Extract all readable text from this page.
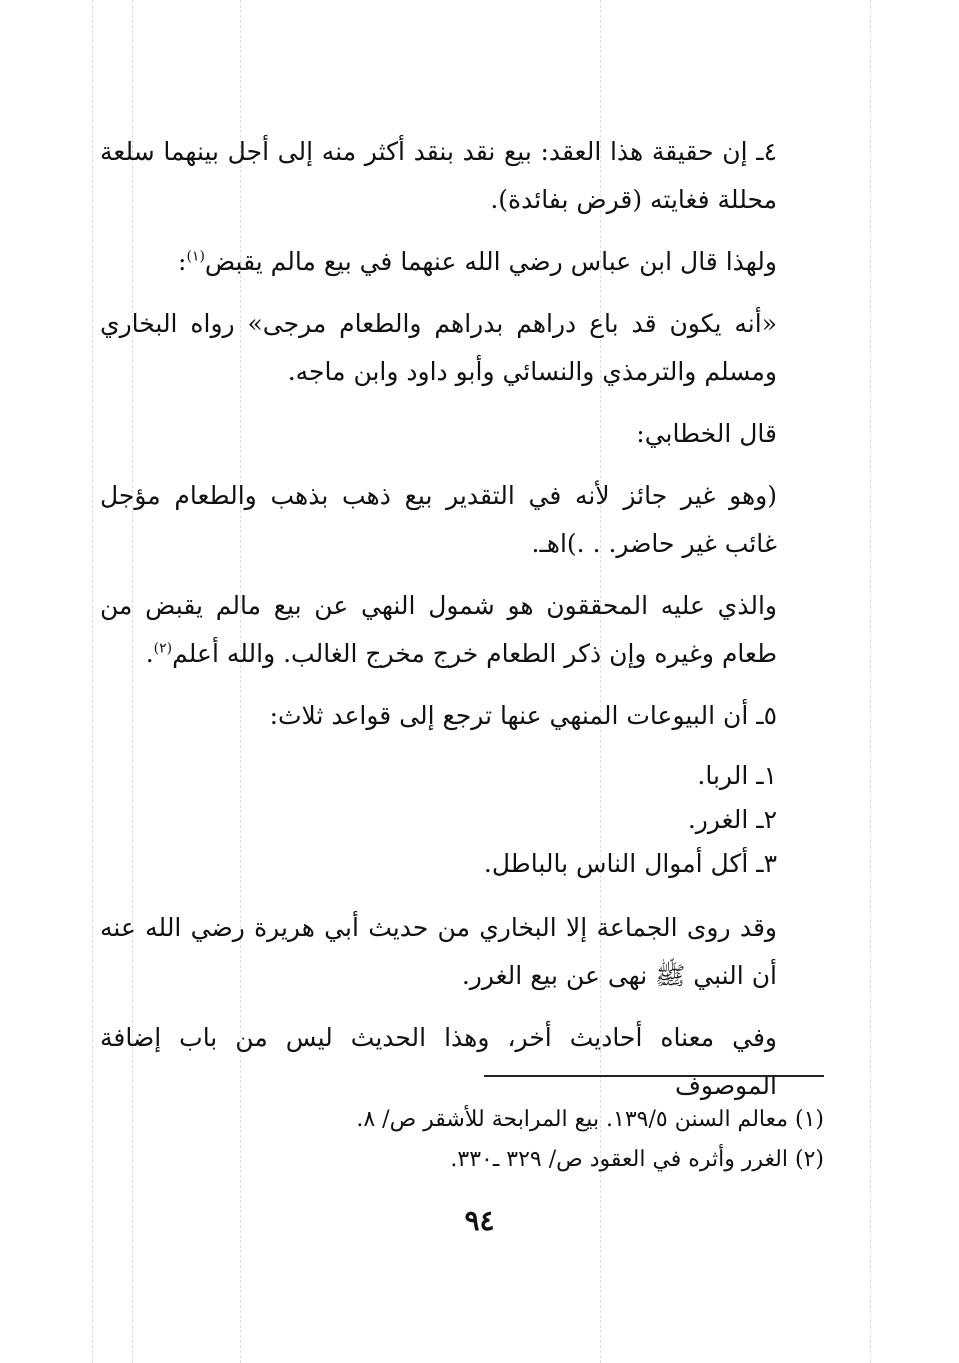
٤ـ إن حقيقة هذا العقد: بيع نقد بنقد أكثر منه إلى أجل بينهما سلعة محللة فغايته (قرض بفائدة).

ولهذا قال ابن عباس رضي الله عنهما في بيع مالم يقبض$^{(١)}$:

«أنه يكون قد باع دراهم بدراهم والطعام مرجى» رواه البخاري ومسلم والترمذي والنسائي وأبو داود وابن ماجه.

قال الخطابي:

(وهو غير جائز لأنه في التقدير بيع ذهب بذهب والطعام مؤجل غائب غير حاضر. . .)اهـ.

والذي عليه المحققون هو شمول النهي عن بيع مالم يقبض من طعام وغيره وإن ذكر الطعام خرج مخرج الغالب. والله أعلم$^{(٢)}$.

٥ـ أن البيوعات المنهي عنها ترجع إلى قواعد ثلاث:

١ـ الربا.

٢ـ الغرر.

٣ـ أكل أموال الناس بالباطل.

وقد روى الجماعة إلا البخاري من حديث أبي هريرة رضي الله عنه أن النبي ﷺ نهى عن بيع الغرر.

وفي معناه أحاديث أخر، وهذا الحديث ليس من باب إضافة الموصوف

(١) معالم السنن ١٣٩/٥. بيع المرابحة للأشقر ص/ ٨.

(٢) الغرر وأثره في العقود ص/ ٣٢٩ ـ٣٣٠.

٩٤
